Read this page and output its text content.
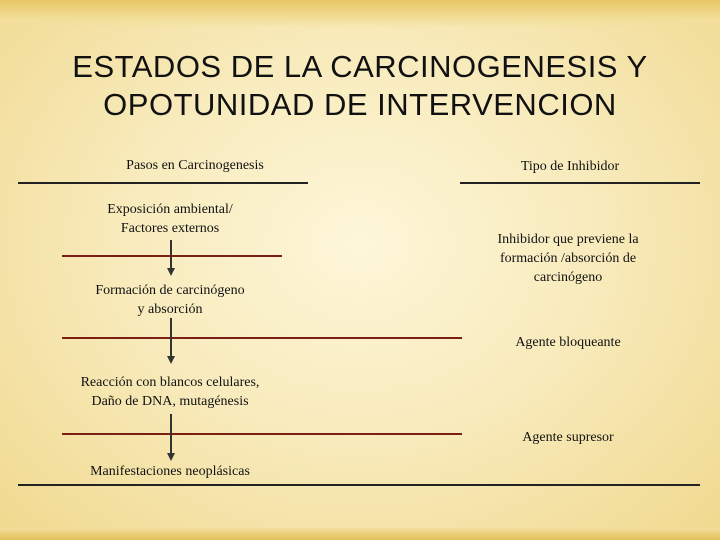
ESTADOS DE LA CARCINOGENESIS Y
OPOTUNIDAD DE INTERVENCION
Pasos en Carcinogenesis	Tipo de Inhibidor
Exposición ambiental/
Factores externos
Inhibidor que previene la
formación /absorción de
carcinógeno
Formación de carcinógeno
y absorción
Agente bloqueante
Reacción con blancos celulares,
Daño de DNA, mutagénesis
Agente supresor
Manifestaciones neoplásicas
